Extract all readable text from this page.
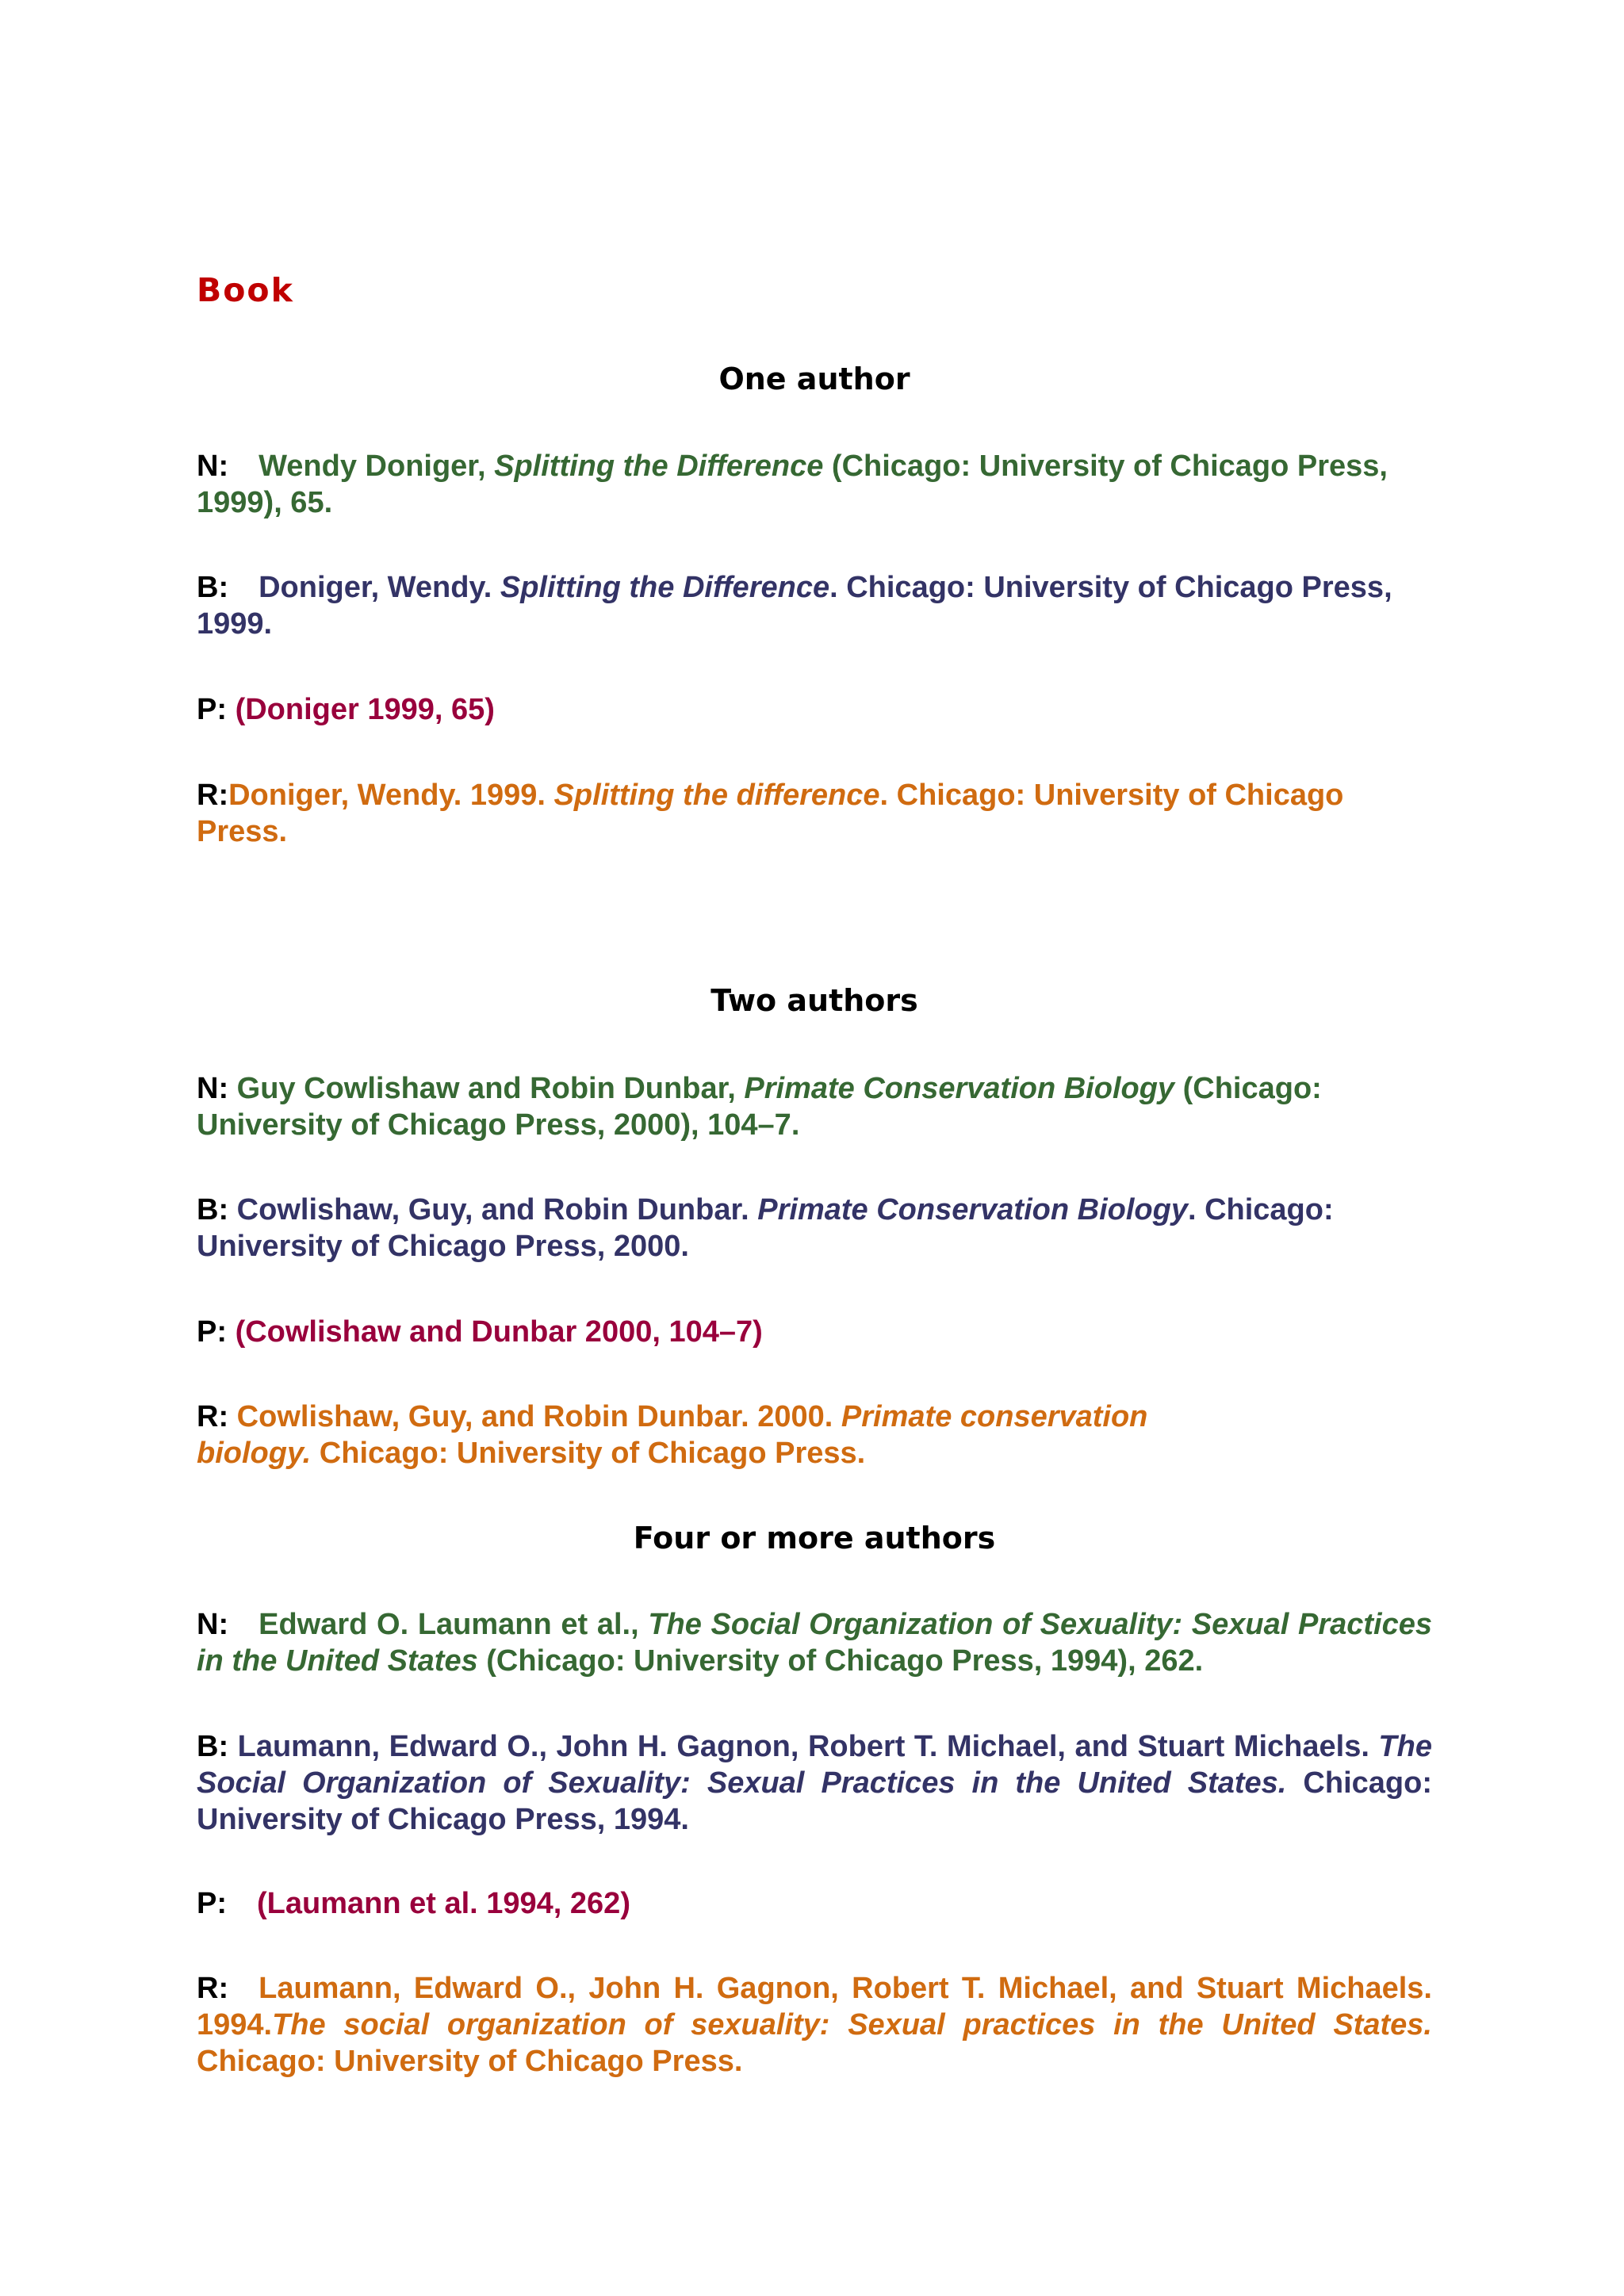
Book
One author

N: Wendy Doniger, Splitting the Difference (Chicago: University of Chicago Press, 1999), 65.

B: Doniger, Wendy. Splitting the Difference. Chicago: University of Chicago Press, 1999.

P: (Doniger 1999, 65)

R:Doniger, Wendy. 1999. Splitting the difference. Chicago: University of Chicago Press.

Two authors

N: Guy Cowlishaw and Robin Dunbar, Primate Conservation Biology (Chicago: University of Chicago Press, 2000), 104–7.

B: Cowlishaw, Guy, and Robin Dunbar. Primate Conservation Biology. Chicago: University of Chicago Press, 2000.

P: (Cowlishaw and Dunbar 2000, 104–7)

R: Cowlishaw, Guy, and Robin Dunbar. 2000. Primate conservation
biology. Chicago: University of Chicago Press.

Four or more authors

N: Edward O. Laumann et al., The Social Organization of Sexuality: Sexual Practices in the United States (Chicago: University of Chicago Press, 1994), 262.

B: Laumann, Edward O., John H. Gagnon, Robert T. Michael, and Stuart Michaels. The Social Organization of Sexuality: Sexual Practices in the United States. Chicago: University of Chicago Press, 1994.

P: (Laumann et al. 1994, 262)

R: Laumann, Edward O., John H. Gagnon, Robert T. Michael, and Stuart Michaels. 1994.The social organization of sexuality: Sexual practices in the United States. Chicago: University of Chicago Press.
